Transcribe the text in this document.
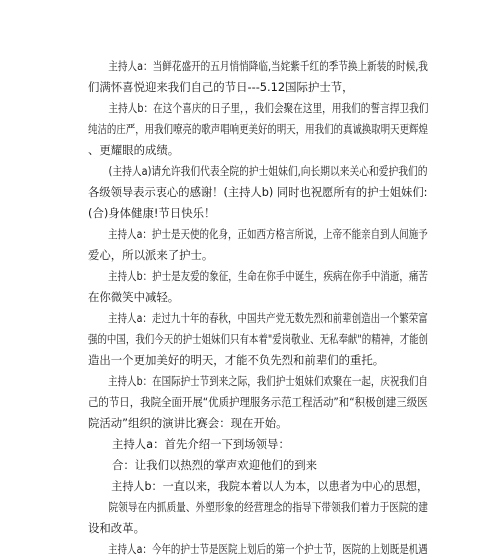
主持人a：当鲜花盛开的五月悄悄降临,当姹紫千红的季节换上新装的时候,我
们满怀喜悦迎来我们自己的节日---5.12国际护士节，
主持人b：在这个喜庆的日子里，，我们会聚在这里，用我们的誓言捍卫我们
纯洁的庄严，用我们嘹亮的歌声唱响更美好的明天，用我们的真诚换取明天更辉煌
、更耀眼的成绩。
(主持人a)请允许我们代表全院的护士姐妹们,向长期以来关心和爱护我们的
各级领导表示衷心的感谢！(主持人b) 同时也祝愿所有的护士姐妹们:
(合)身体健康!节日快乐！
主持人a：护士是天使的化身，正如西方格言所说，上帝不能亲自到人间施予
爱心，所以派来了护士。
主持人b：护士是友爱的象征，生命在你手中诞生，疾病在你手中消逝，痛苦
在你微笑中减轻。
主持人a：走过九十年的春秋，中国共产党无数先烈和前辈创造出一个繁荣富
强的中国，我们今天的护士姐妹们只有本着"爱岗敬业、无私奉献"的精神，才能创
造出一个更加美好的明天，才能不负先烈和前辈们的重托。
主持人b：在国际护士节到来之际，我们护士姐妹们欢聚在一起，庆祝我们自
己的节日，我院全面开展“优质护理服务示范工程活动”和“积极创建三级医
院活动”组织的演讲比赛会：现在开始。
主持人a：首先介绍一下到场领导：
合：让我们以热烈的掌声欢迎他们的到来
主持人b：一直以来，我院本着以人为本，以患者为中心的思想，
院领导在内抓质量、外塑形象的经营理念的指导下带领我们着力于医院的建
设和改革。
主持人a：今年的护士节是医院上划后的第一个护士节，医院的上划既是机遇
